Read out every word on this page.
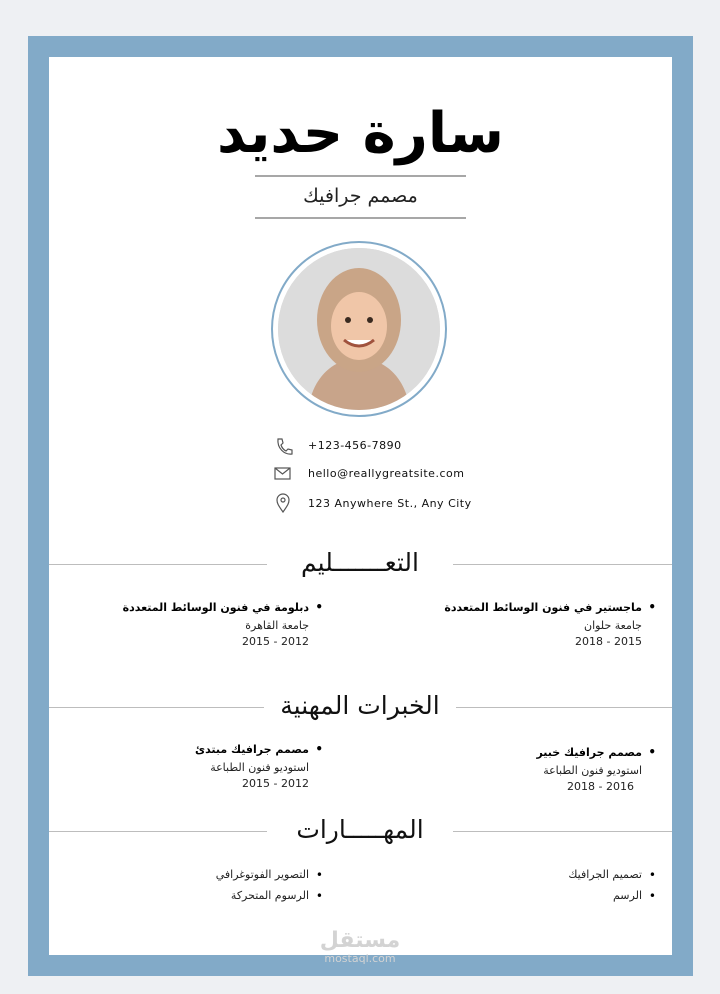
سارة حديد
مصمم جرافيك
+123-456-7890
hello@reallygreatsite.com
123 Anywhere St., Any City
التعـــــــليم
ماجستير في فنون الوسائط المتعددة •
جامعة حلوان
2015 - 2018
دبلومة في فنون الوسائط المتعددة •
جامعة القاهرة
2012 - 2015
الخبرات المهنية
مصمم جرافيك خبير •
استوديو فنون الطباعة
2016 - 2018
مصمم جرافيك مبتدئ •
استوديو فنون الطباعة
2012 - 2015
المهـــــارات
تصميم الجرافيك •
الرسم •
التصوير الفوتوغرافي •
الرسوم المتحركة •
مستقل
mostaql.com
